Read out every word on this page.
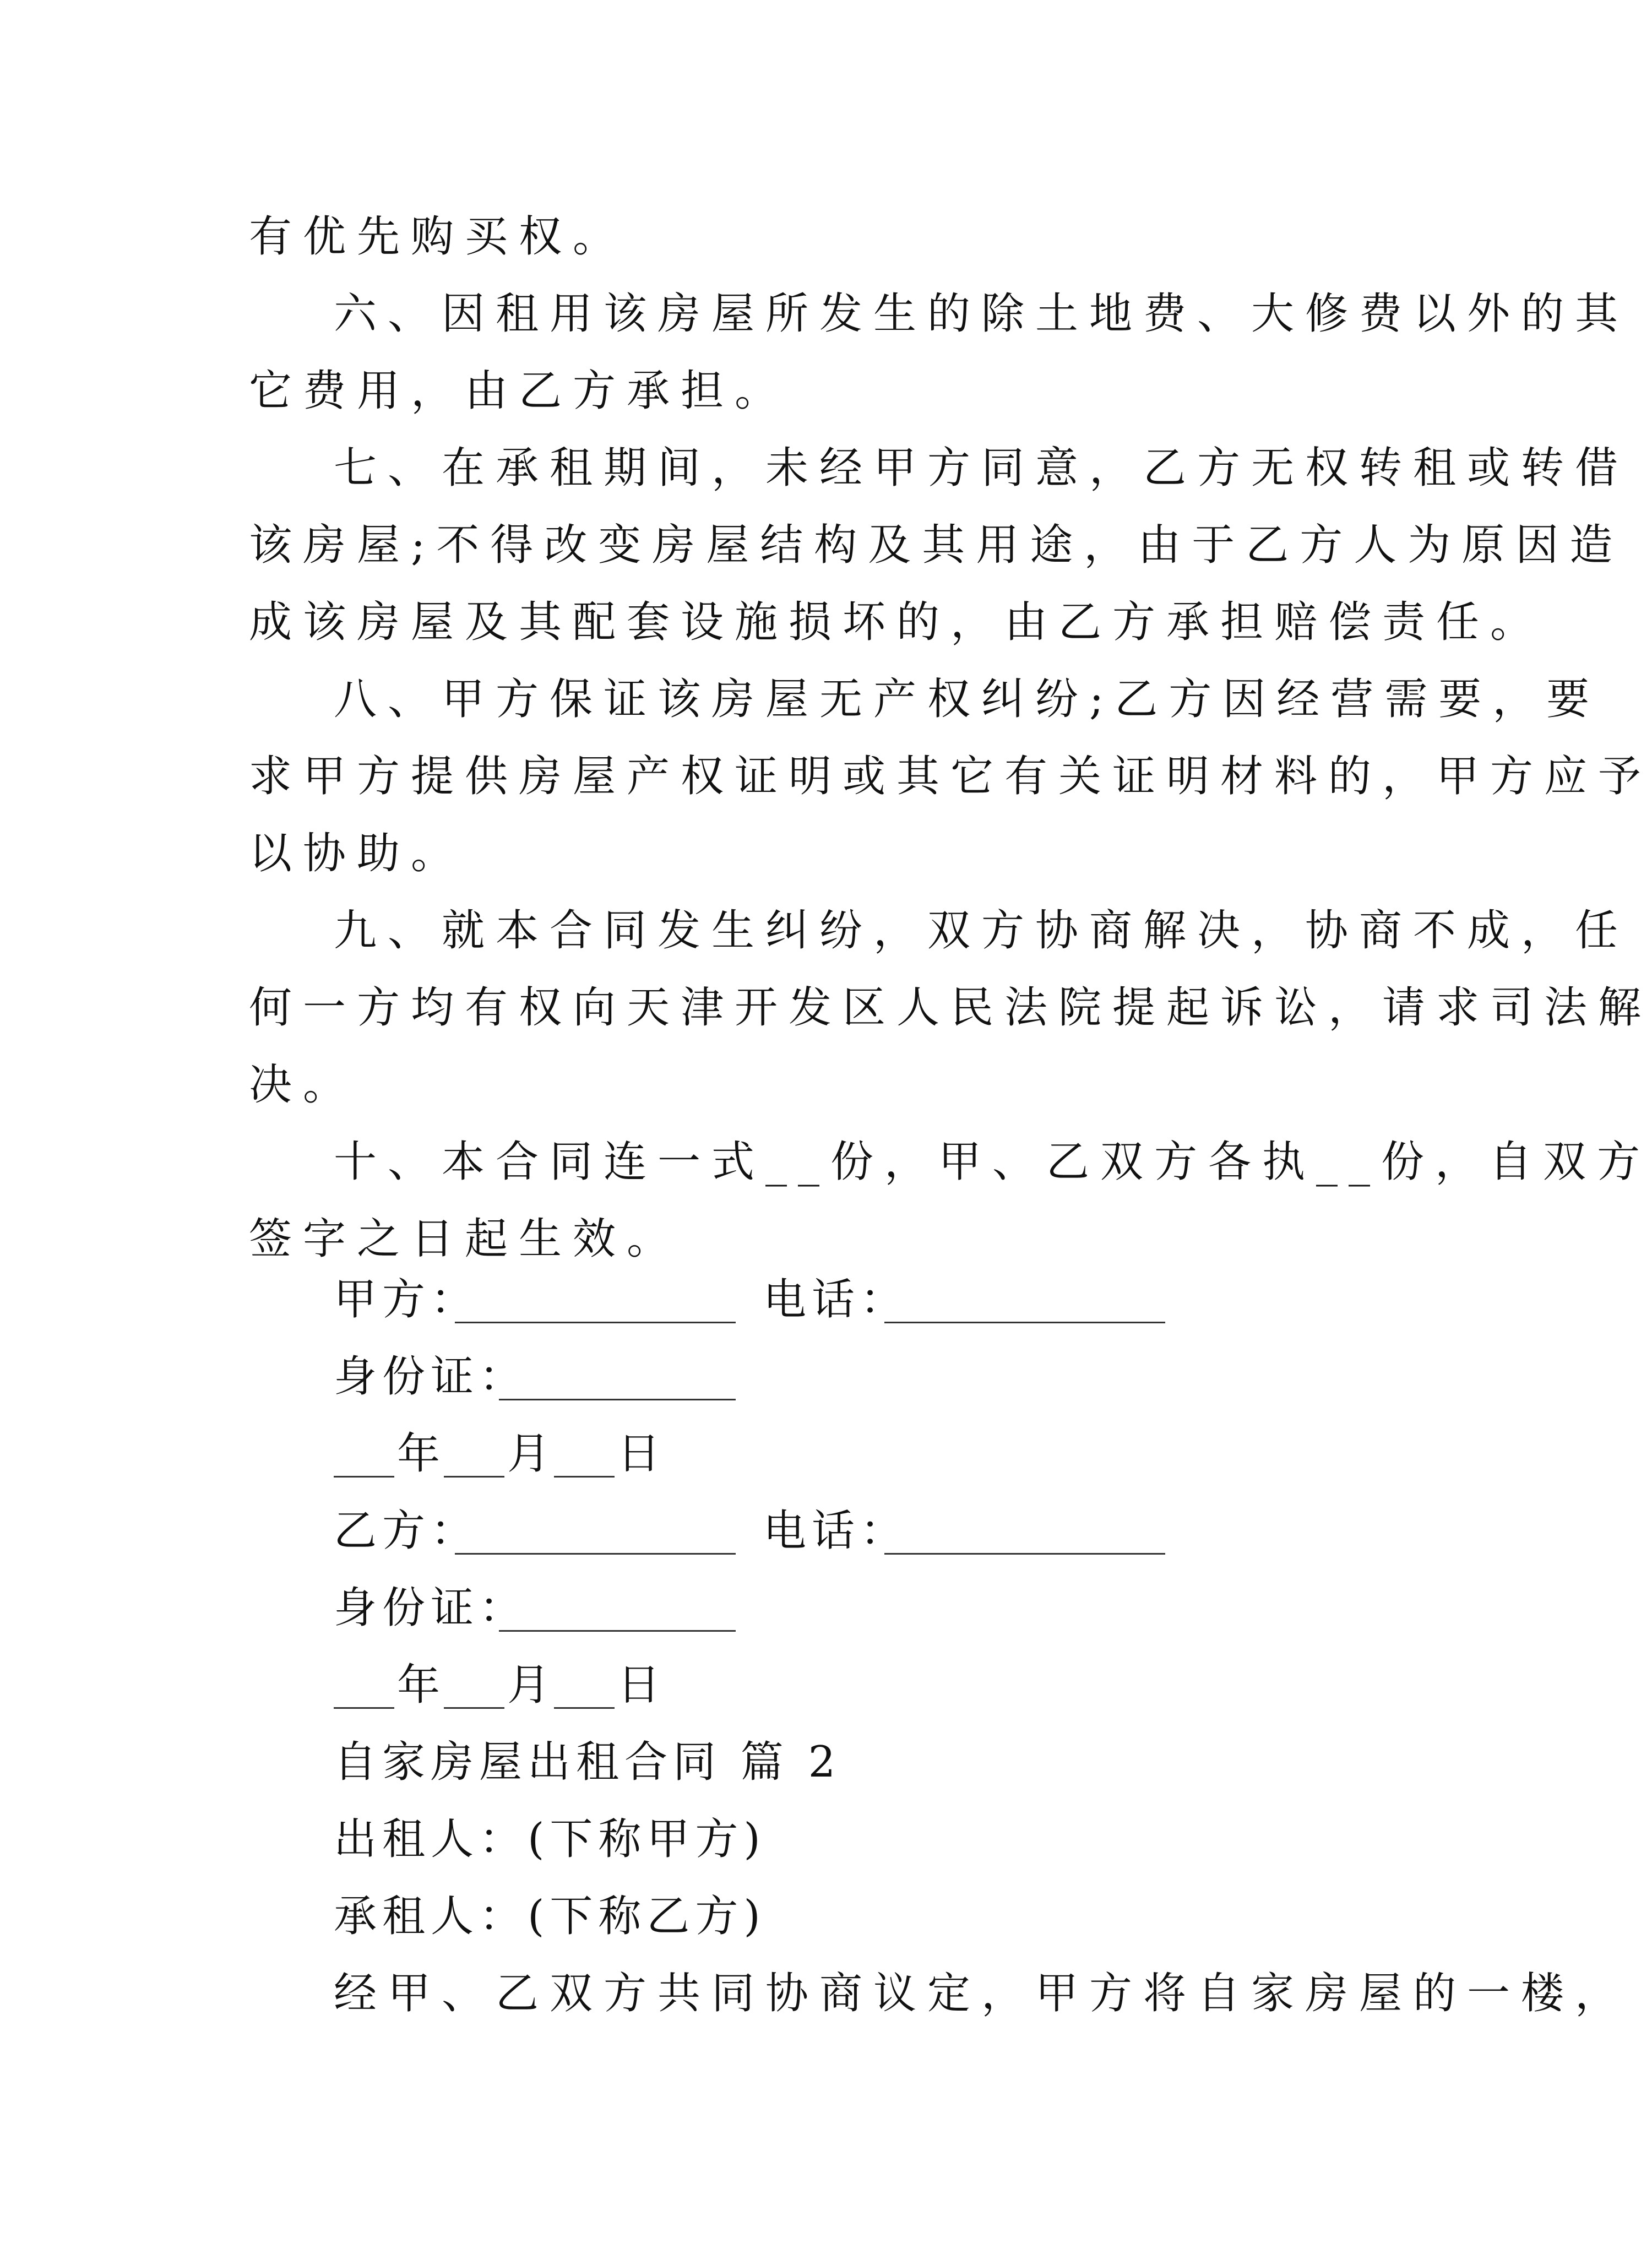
有优先购买权。
六、因租用该房屋所发生的除土地费、大修费以外的其
它费用，由乙方承担。
七、在承租期间，未经甲方同意，乙方无权转租或转借
该房屋;不得改变房屋结构及其用途，由于乙方人为原因造
成该房屋及其配套设施损坏的，由乙方承担赔偿责任。
八、甲方保证该房屋无产权纠纷;乙方因经营需要，要
求甲方提供房屋产权证明或其它有关证明材料的，甲方应予
以协助。
九、就本合同发生纠纷，双方协商解决，协商不成，任
何一方均有权向天津开发区人民法院提起诉讼，请求司法解
决。
十、本合同连一式__份，甲、乙双方各执__份，自双方
签字之日起生效。
甲方：	电话：
身份证：
年 月 日
乙方：	电话：
身份证：
年 月 日
自家房屋出租合同 篇 2
出租人：(下称甲方)
承租人：(下称乙方)
经甲、乙双方共同协商议定，甲方将自家房屋的一楼，
